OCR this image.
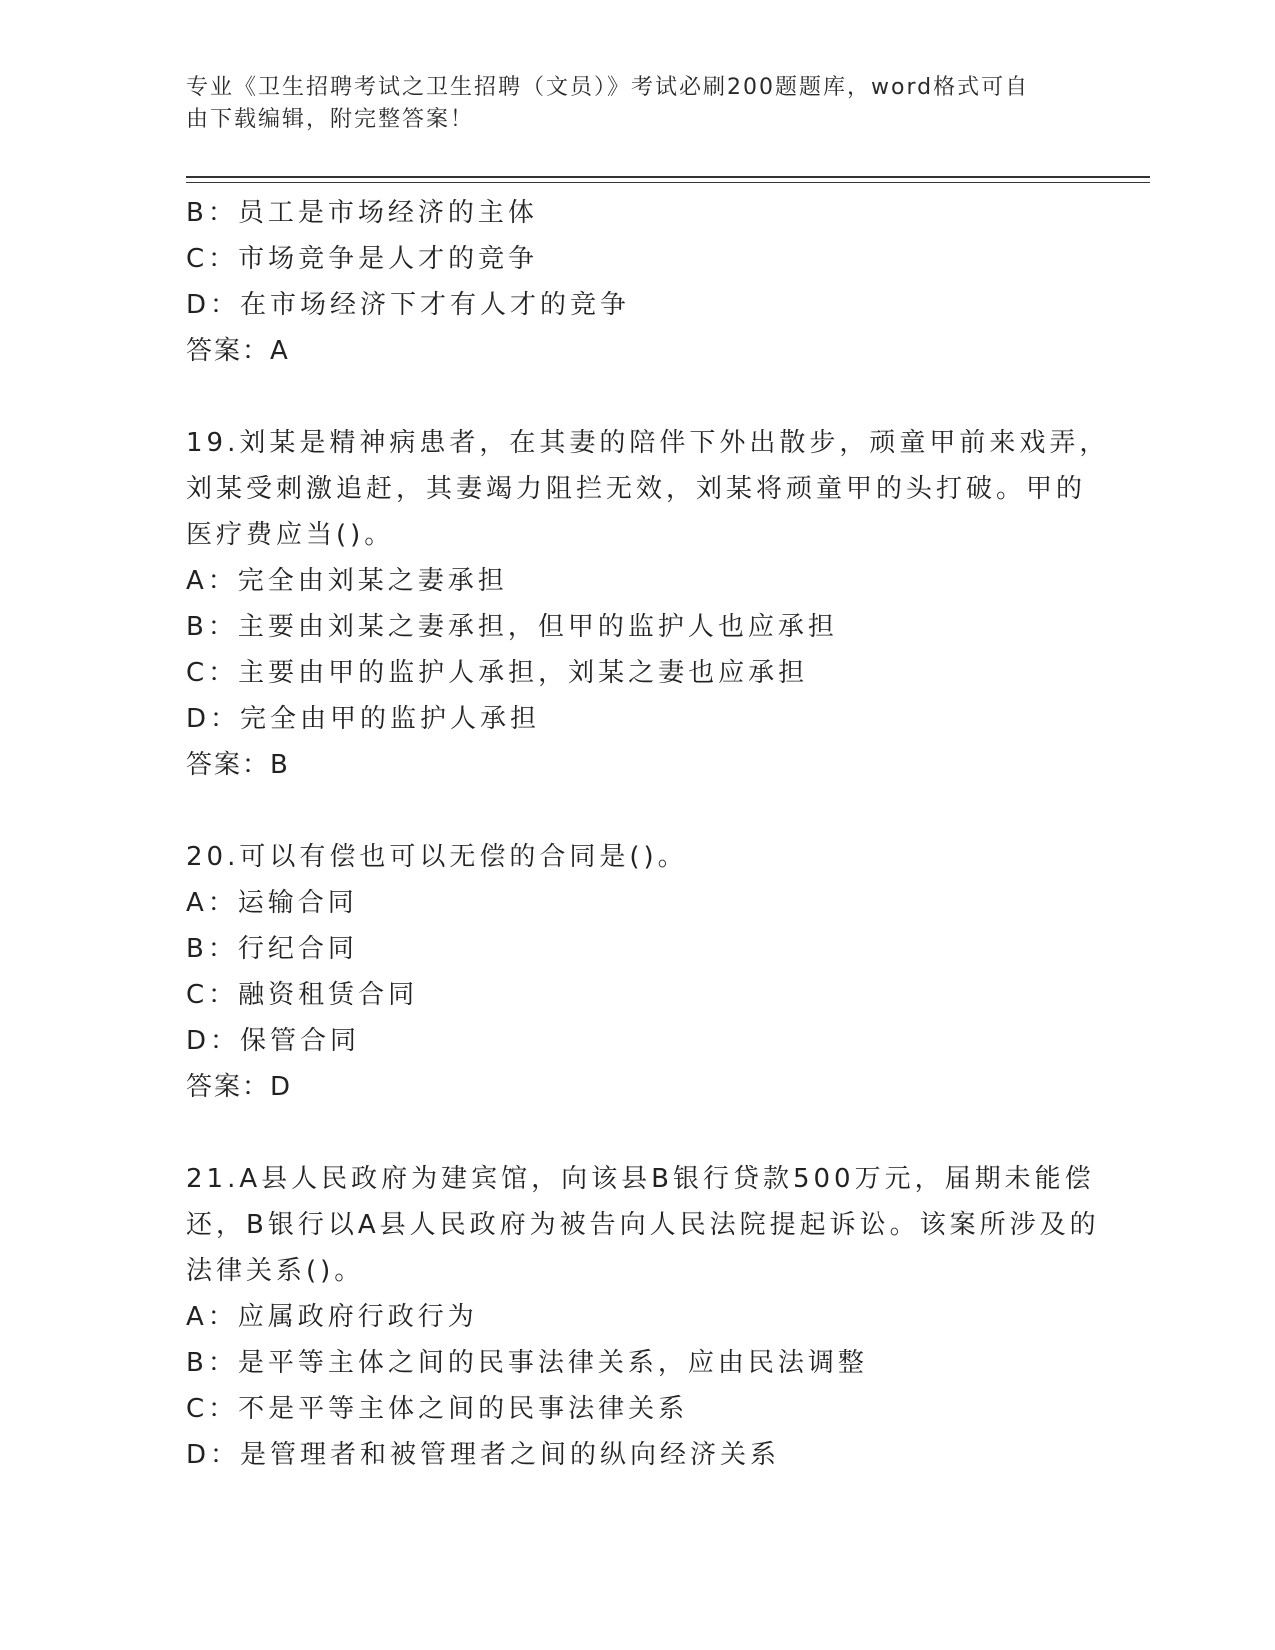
专业《卫生招聘考试之卫生招聘（文员）》考试必刷200题题库，word格式可自
由下载编辑，附完整答案！
B：员工是市场经济的主体
C：市场竞争是人才的竞争
D：在市场经济下才有人才的竞争
答案：A
19.刘某是精神病患者，在其妻的陪伴下外出散步，顽童甲前来戏弄，
刘某受刺激追赶，其妻竭力阻拦无效，刘某将顽童甲的头打破。甲的
医疗费应当()。
A：完全由刘某之妻承担
B：主要由刘某之妻承担，但甲的监护人也应承担
C：主要由甲的监护人承担，刘某之妻也应承担
D：完全由甲的监护人承担
答案：B
20.可以有偿也可以无偿的合同是()。
A：运输合同
B：行纪合同
C：融资租赁合同
D：保管合同
答案：D
21.A县人民政府为建宾馆，向该县B银行贷款500万元，届期未能偿
还，B银行以A县人民政府为被告向人民法院提起诉讼。该案所涉及的
法律关系()。
A：应属政府行政行为
B：是平等主体之间的民事法律关系，应由民法调整
C：不是平等主体之间的民事法律关系
D：是管理者和被管理者之间的纵向经济关系
